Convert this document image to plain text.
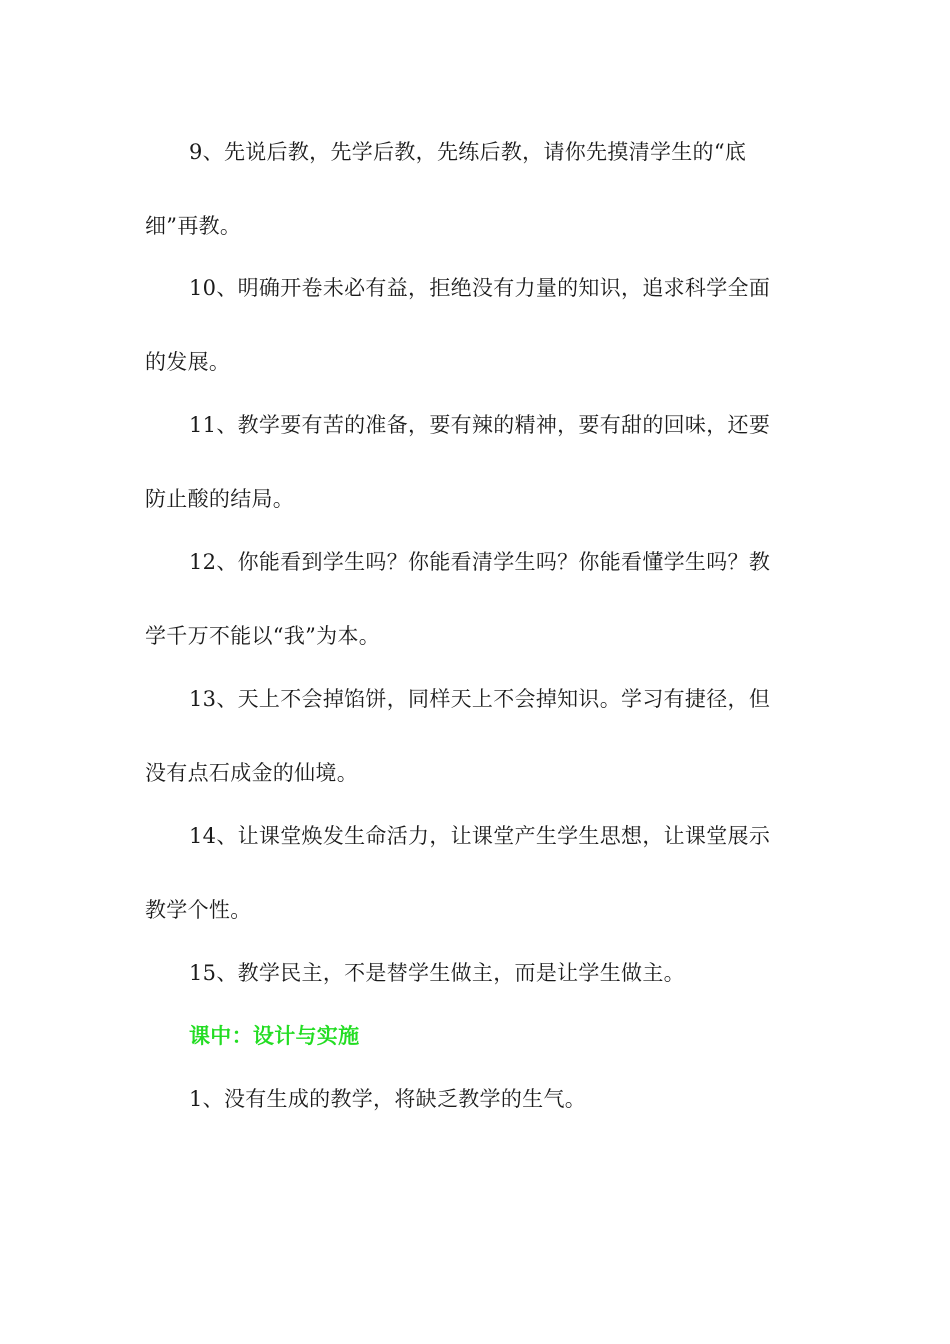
9、先说后教，先学后教，先练后教，请你先摸清学生的“底
细”再教。
10、明确开卷未必有益，拒绝没有力量的知识，追求科学全面
的发展。
11、教学要有苦的准备，要有辣的精神，要有甜的回味，还要
防止酸的结局。
12、你能看到学生吗？你能看清学生吗？你能看懂学生吗？教
学千万不能以“我”为本。
13、天上不会掉馅饼，同样天上不会掉知识。学习有捷径，但
没有点石成金的仙境。
14、让课堂焕发生命活力，让课堂产生学生思想，让课堂展示
教学个性。
15、教学民主，不是替学生做主，而是让学生做主。
课中：设计与实施
1、没有生成的教学，将缺乏教学的生气。
